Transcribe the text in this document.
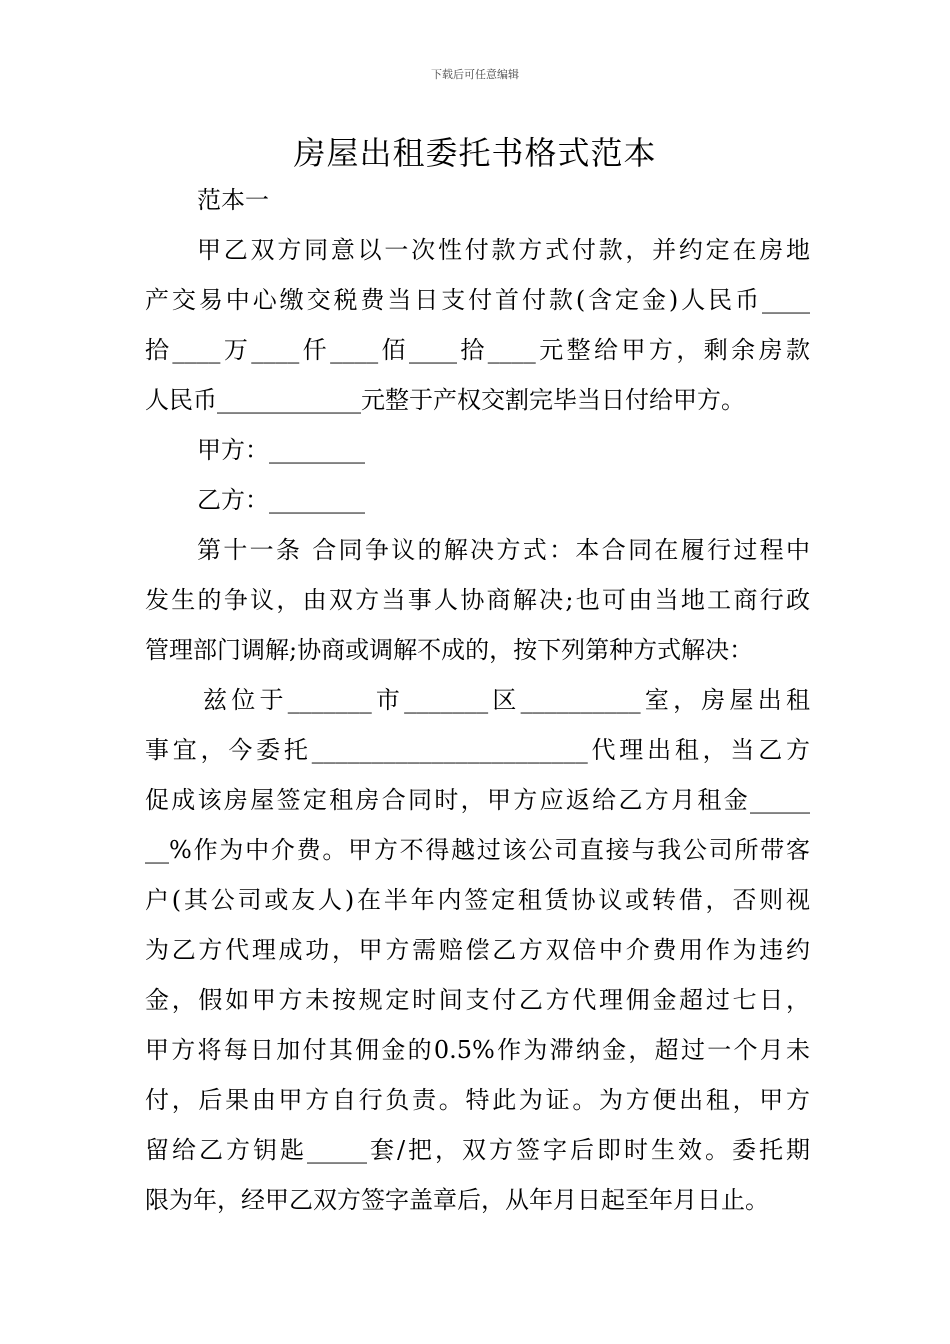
下载后可任意编辑
房屋出租委托书格式范本
范本一
甲乙双方同意以一次性付款方式付款，并约定在房地
产交易中心缴交税费当日支付首付款(含定金)人民币____
拾____万____仟____佰____拾____元整给甲方，剩余房款
人民币____________元整于产权交割完毕当日付给甲方。
甲方：________
乙方：________
第十一条 合同争议的解决方式：本合同在履行过程中
发生的争议，由双方当事人协商解决;也可由当地工商行政
管理部门调解;协商或调解不成的，按下列第种方式解决：
兹位于_______市_______区__________室，房屋出租
事宜，今委托_______________________代理出租，当乙方
促成该房屋签定租房合同时，甲方应返给乙方月租金_____
__%作为中介费。甲方不得越过该公司直接与我公司所带客
户(其公司或友人)在半年内签定租赁协议或转借，否则视
为乙方代理成功，甲方需赔偿乙方双倍中介费用作为违约
金，假如甲方未按规定时间支付乙方代理佣金超过七日，
甲方将每日加付其佣金的0.5%作为滞纳金，超过一个月未
付，后果由甲方自行负责。特此为证。为方便出租，甲方
留给乙方钥匙_____套/把，双方签字后即时生效。委托期
限为年，经甲乙双方签字盖章后，从年月日起至年月日止。
